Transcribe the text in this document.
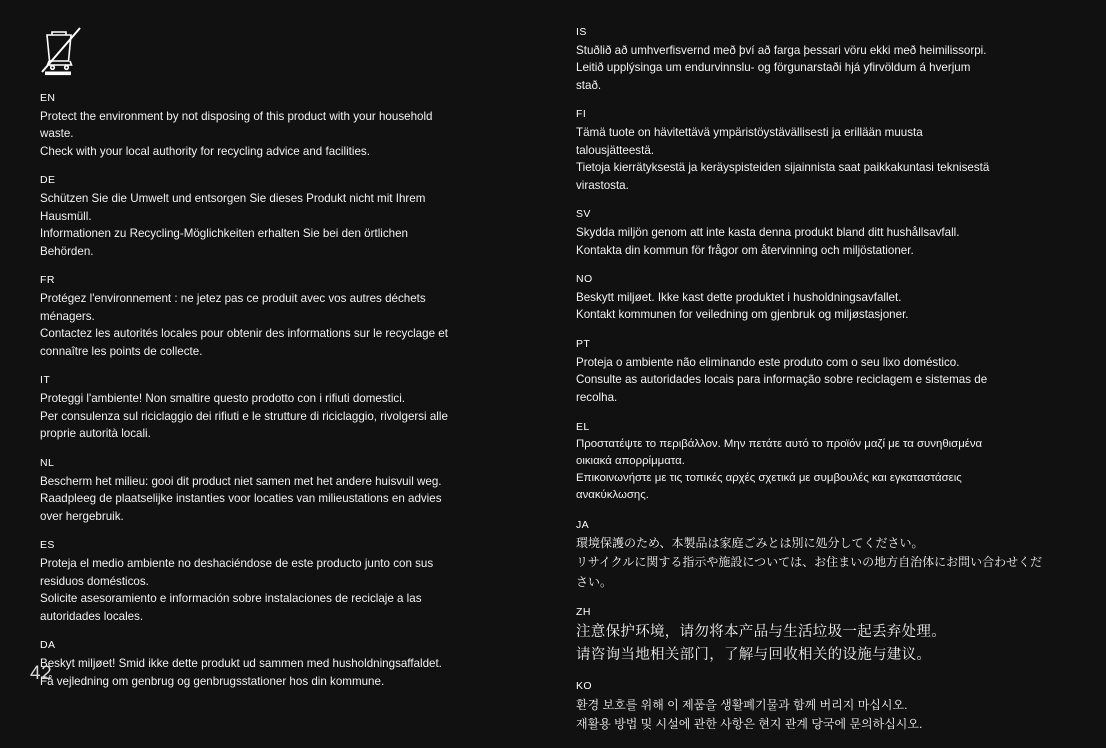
EN
Protect the environment by not disposing of this product with your household
waste.
Check with your local authority for recycling advice and facilities.
DE
Schützen Sie die Umwelt und entsorgen Sie dieses Produkt nicht mit Ihrem
Hausmüll.
Informationen zu Recycling-Möglichkeiten erhalten Sie bei den örtlichen
Behörden.
FR
Protégez l'environnement : ne jetez pas ce produit avec vos autres déchets
ménagers.
Contactez les autorités locales pour obtenir des informations sur le recyclage et
connaître les points de collecte.
IT
Proteggi l'ambiente! Non smaltire questo prodotto con i rifiuti domestici.
Per consulenza sul riciclaggio dei rifiuti e le strutture di riciclaggio, rivolgersi alle
proprie autorità locali.
NL
Bescherm het milieu: gooi dit product niet samen met het andere huisvuil weg.
Raadpleeg de plaatselijke instanties voor locaties van milieustations en advies
over hergebruik.
ES
Proteja el medio ambiente no deshaciéndose de este producto junto con sus
residuos domésticos.
Solicite asesoramiento e información sobre instalaciones de reciclaje a las
autoridades locales.
DA
Beskyt miljøet! Smid ikke dette produkt ud sammen med husholdningsaffaldet.
Få vejledning om genbrug og genbrugsstationer hos din kommune.
IS
Stuðlið að umhverfisvernd með því að farga þessari vöru ekki með heimilissorpi.
Leitið upplýsinga um endurvinnslu- og förgunarstaði hjá yfirvöldum á hverjum
stað.
FI
Tämä tuote on hävitettävä ympäristöystävällisesti ja erillään muusta
talousjätteestä.
Tietoja kierrätyksestä ja keräyspisteiden sijainnista saat paikkakuntasi teknisestä
virastosta.
SV
Skydda miljön genom att inte kasta denna produkt bland ditt hushållsavfall.
Kontakta din kommun för frågor om återvinning och miljöstationer.
NO
Beskytt miljøet. Ikke kast dette produktet i husholdningsavfallet.
Kontakt kommunen for veiledning om gjenbruk og miljøstasjoner.
PT
Proteja o ambiente não eliminando este produto com o seu lixo doméstico.
Consulte as autoridades locais para informação sobre reciclagem e sistemas de
recolha.
EL
Προστατέψτε το περιβάλλον. Μην πετάτε αυτό το προϊόν μαζί με τα συνηθισμένα
οικιακά απορρίμματα.
Επικοινωνήστε με τις τοπικές αρχές σχετικά με συμβουλές και εγκαταστάσεις
ανακύκλωσης.
JA
環境保護のため、本製品は家庭ごみとは別に処分してください。
リサイクルに関する指示や施設については、お住まいの地方自治体にお問い合わせくだ
さい。
ZH
注意保护环境，请勿将本产品与生活垃圾一起丢弃处理。
请咨询当地相关部门，了解与回收相关的设施与建议。
KO
환경 보호를 위해 이 제품을 생활폐기물과 함께 버리지 마십시오.
재활용 방법 및 시설에 관한 사항은 현지 관계 당국에 문의하십시오.
42
